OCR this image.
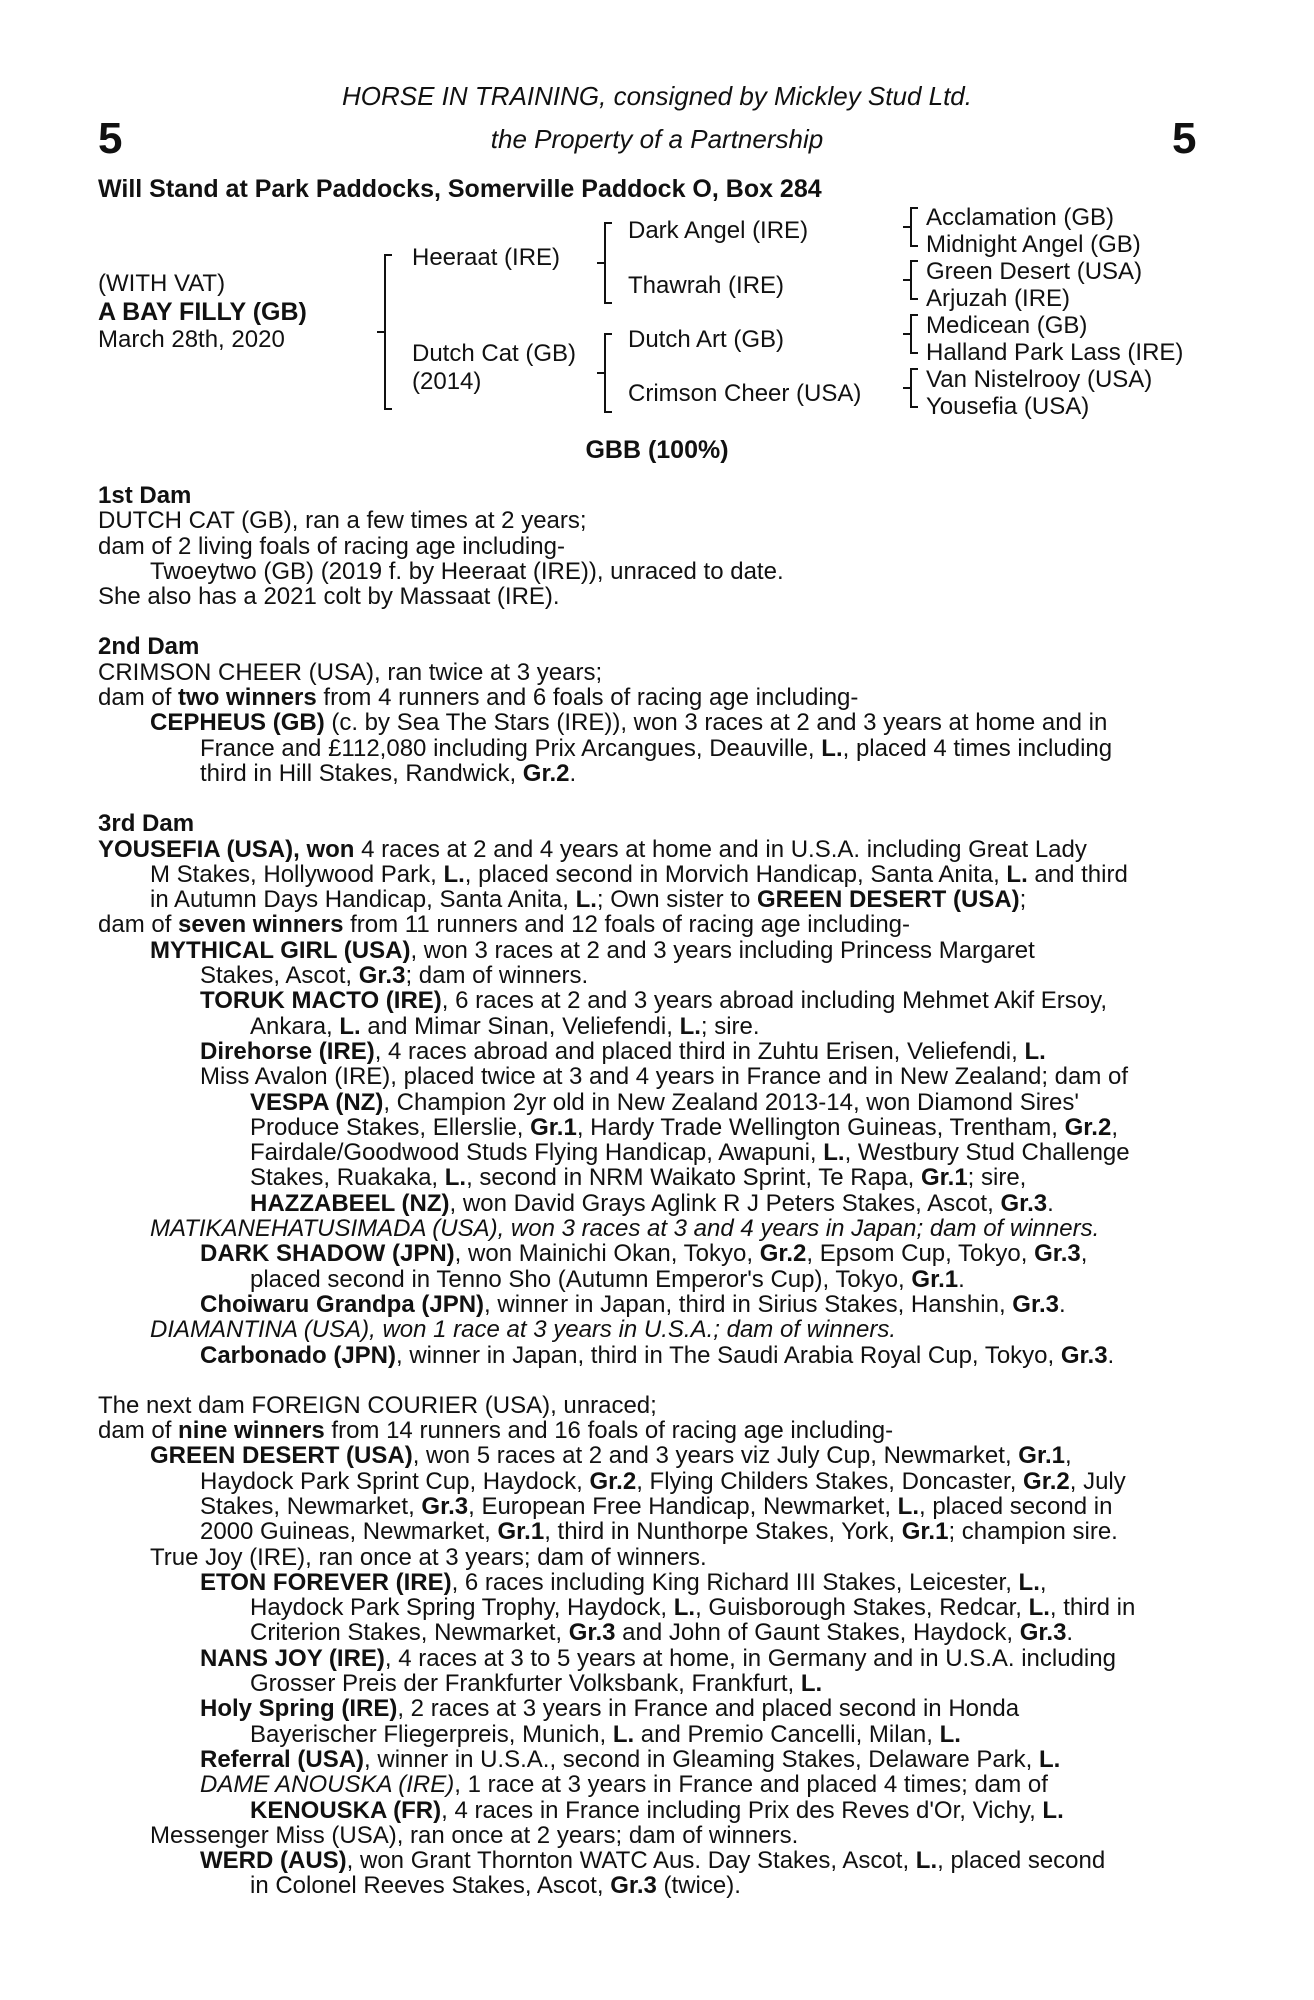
5	5
HORSE IN TRAINING, consigned by Mickley Stud Ltd.
the Property of a Partnership
Will Stand at Park Paddocks, Somerville Paddock O, Box 284
(WITH VAT)
A BAY FILLY (GB)
March 28th, 2020
Heeraat (IRE)
Dutch Cat (GB)
(2014)
Dark Angel (IRE)
Thawrah (IRE)
Dutch Art (GB)
Crimson Cheer (USA)
Acclamation (GB)
Midnight Angel (GB)
Green Desert (USA)
Arjuzah (IRE)
Medicean (GB)
Halland Park Lass (IRE)
Van Nistelrooy (USA)
Yousefia (USA)
GBB (100%)
1st Dam
DUTCH CAT (GB), ran a few times at 2 years;
dam of 2 living foals of racing age including-
Twoeytwo (GB) (2019 f. by Heeraat (IRE)), unraced to date.
She also has a 2021 colt by Massaat (IRE).
2nd Dam
CRIMSON CHEER (USA), ran twice at 3 years;
dam of two winners from 4 runners and 6 foals of racing age including-
CEPHEUS (GB) (c. by Sea The Stars (IRE)), won 3 races at 2 and 3 years at home and in
France and £112,080 including Prix Arcangues, Deauville, L., placed 4 times including
third in Hill Stakes, Randwick, Gr.2.
3rd Dam
YOUSEFIA (USA), won 4 races at 2 and 4 years at home and in U.S.A. including Great Lady
M Stakes, Hollywood Park, L., placed second in Morvich Handicap, Santa Anita, L. and third
in Autumn Days Handicap, Santa Anita, L.; Own sister to GREEN DESERT (USA);
dam of seven winners from 11 runners and 12 foals of racing age including-
MYTHICAL GIRL (USA), won 3 races at 2 and 3 years including Princess Margaret
Stakes, Ascot, Gr.3; dam of winners.
TORUK MACTO (IRE), 6 races at 2 and 3 years abroad including Mehmet Akif Ersoy,
Ankara, L. and Mimar Sinan, Veliefendi, L.; sire.
Direhorse (IRE), 4 races abroad and placed third in Zuhtu Erisen, Veliefendi, L.
Miss Avalon (IRE), placed twice at 3 and 4 years in France and in New Zealand; dam of
VESPA (NZ), Champion 2yr old in New Zealand 2013-14, won Diamond Sires'
Produce Stakes, Ellerslie, Gr.1, Hardy Trade Wellington Guineas, Trentham, Gr.2,
Fairdale/Goodwood Studs Flying Handicap, Awapuni, L., Westbury Stud Challenge
Stakes, Ruakaka, L., second in NRM Waikato Sprint, Te Rapa, Gr.1; sire,
HAZZABEEL (NZ), won David Grays Aglink R J Peters Stakes, Ascot, Gr.3.
MATIKANEHATUSIMADA (USA), won 3 races at 3 and 4 years in Japan; dam of winners.
DARK SHADOW (JPN), won Mainichi Okan, Tokyo, Gr.2, Epsom Cup, Tokyo, Gr.3,
placed second in Tenno Sho (Autumn Emperor's Cup), Tokyo, Gr.1.
Choiwaru Grandpa (JPN), winner in Japan, third in Sirius Stakes, Hanshin, Gr.3.
DIAMANTINA (USA), won 1 race at 3 years in U.S.A.; dam of winners.
Carbonado (JPN), winner in Japan, third in The Saudi Arabia Royal Cup, Tokyo, Gr.3.
The next dam FOREIGN COURIER (USA), unraced;
dam of nine winners from 14 runners and 16 foals of racing age including-
GREEN DESERT (USA), won 5 races at 2 and 3 years viz July Cup, Newmarket, Gr.1,
Haydock Park Sprint Cup, Haydock, Gr.2, Flying Childers Stakes, Doncaster, Gr.2, July
Stakes, Newmarket, Gr.3, European Free Handicap, Newmarket, L., placed second in
2000 Guineas, Newmarket, Gr.1, third in Nunthorpe Stakes, York, Gr.1; champion sire.
True Joy (IRE), ran once at 3 years; dam of winners.
ETON FOREVER (IRE), 6 races including King Richard III Stakes, Leicester, L.,
Haydock Park Spring Trophy, Haydock, L., Guisborough Stakes, Redcar, L., third in
Criterion Stakes, Newmarket, Gr.3 and John of Gaunt Stakes, Haydock, Gr.3.
NANS JOY (IRE), 4 races at 3 to 5 years at home, in Germany and in U.S.A. including
Grosser Preis der Frankfurter Volksbank, Frankfurt, L.
Holy Spring (IRE), 2 races at 3 years in France and placed second in Honda
Bayerischer Fliegerpreis, Munich, L. and Premio Cancelli, Milan, L.
Referral (USA), winner in U.S.A., second in Gleaming Stakes, Delaware Park, L.
DAME ANOUSKA (IRE), 1 race at 3 years in France and placed 4 times; dam of
KENOUSKA (FR), 4 races in France including Prix des Reves d'Or, Vichy, L.
Messenger Miss (USA), ran once at 2 years; dam of winners.
WERD (AUS), won Grant Thornton WATC Aus. Day Stakes, Ascot, L., placed second
in Colonel Reeves Stakes, Ascot, Gr.3 (twice).
